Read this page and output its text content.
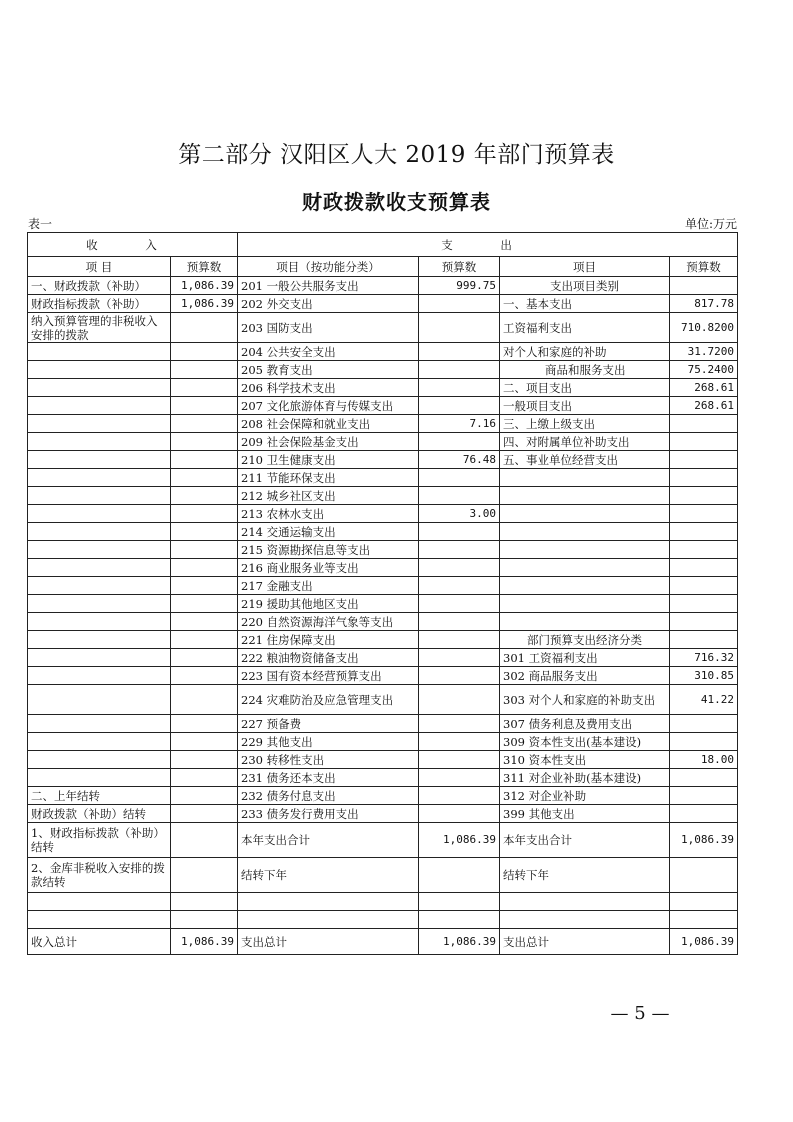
第二部分 汉阳区人大 2019 年部门预算表
财政拨款收支预算表
表一	单位:万元
收 入		支 出			
项 目	预算数	项目（按功能分类）	预算数	项目	预算数
一、财政拨款（补助）	1,086.39	201 一般公共服务支出	999.75	支出项目类别	
财政指标拨款（补助）	1,086.39	202 外交支出		一、基本支出	817.78
纳入预算管理的非税收入安排的拨款		203 国防支出		工资福利支出	710.8200
		204 公共安全支出		对个人和家庭的补助	31.7200
		205 教育支出		商品和服务支出	75.2400
		206 科学技术支出		二、项目支出	268.61
		207 文化旅游体育与传媒支出		一般项目支出	268.61
		208 社会保障和就业支出	7.16	三、上缴上级支出	
		209 社会保险基金支出		四、对附属单位补助支出	
		210 卫生健康支出	76.48	五、事业单位经营支出	
		211 节能环保支出			
		212 城乡社区支出			
		213 农林水支出	3.00		
		214 交通运输支出			
		215 资源勘探信息等支出			
		216 商业服务业等支出			
		217 金融支出			
		219 援助其他地区支出			
		220 自然资源海洋气象等支出			
		221 住房保障支出		部门预算支出经济分类	
		222 粮油物资储备支出		301 工资福利支出	716.32
		223 国有资本经营预算支出		302 商品服务支出	310.85
		224 灾难防治及应急管理支出		303 对个人和家庭的补助支出	41.22
		227 预备费		307 债务利息及费用支出	
		229 其他支出		309 资本性支出(基本建设)	
		230 转移性支出		310 资本性支出	18.00
		231 债务还本支出		311 对企业补助(基本建设)	
二、上年结转		232 债务付息支出		312 对企业补助	
财政拨款（补助）结转		233 债务发行费用支出		399 其他支出	
1、财政指标拨款（补助）结转		本年支出合计	1,086.39	本年支出合计	1,086.39
2、金库非税收入安排的拨款结转		结转下年		结转下年	

收入总计	1,086.39	支出总计	1,086.39	支出总计	1,086.39
— 5 —
